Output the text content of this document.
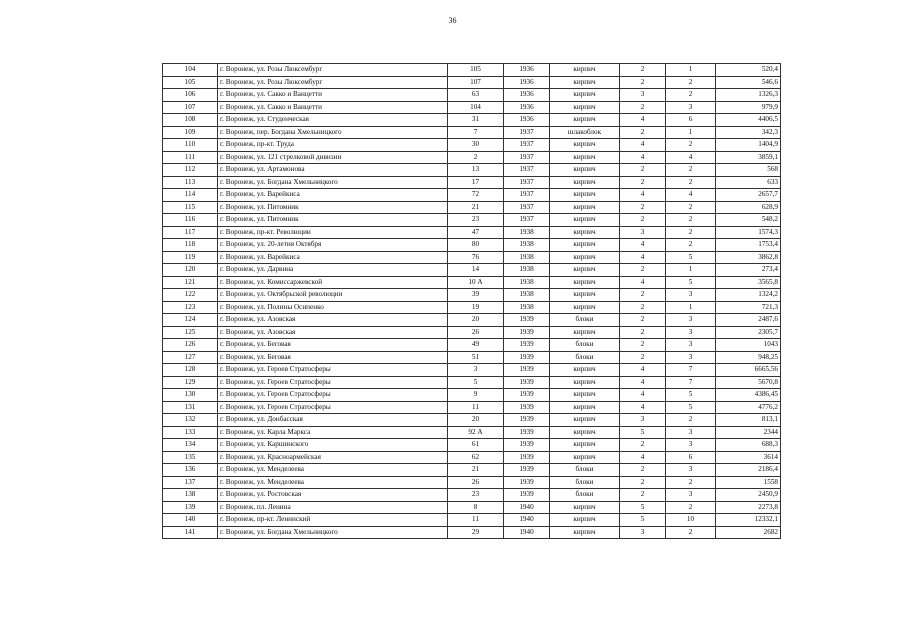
36
104	г. Воронеж, ул. Розы Люксембург	105	1936	кирпич	2	1	520,4
105	г. Воронеж, ул. Розы Люксембург	107	1936	кирпич	2	2	546,6
106	г. Воронеж, ул. Сакко и Ванцетти	63	1936	кирпич	3	2	1326,3
107	г. Воронеж, ул. Сакко и Ванцетти	104	1936	кирпич	2	3	979,9
108	г. Воронеж, ул. Студенческая	31	1936	кирпич	4	6	4406,5
109	г. Воронеж, пер. Богдана Хмельницкого	7	1937	шлакоблок	2	1	342,3
110	г. Воронеж, пр-кт. Труда	30	1937	кирпич	4	2	1404,9
111	г. Воронеж, ул. 121 стрелковой дивизии	2	1937	кирпич	4	4	3859,1
112	г. Воронеж, ул. Артамонова	13	1937	кирпич	2	2	568
113	г. Воронеж, ул. Богдана Хмельницкого	17	1937	кирпич	2	2	633
114	г. Воронеж, ул. Варейкиса	72	1937	кирпич	4	4	2657,7
115	г. Воронеж, ул. Питомник	21	1937	кирпич	2	2	628,9
116	г. Воронеж, ул. Питомник	23	1937	кирпич	2	2	548,2
117	г. Воронеж, пр-кт. Революции	47	1938	кирпич	3	2	1574,3
118	г. Воронеж, ул. 20-летия Октября	80	1938	кирпич	4	2	1753,4
119	г. Воронеж, ул. Варейкиса	76	1938	кирпич	4	5	3862,8
120	г. Воронеж, ул. Дарвина	14	1938	кирпич	2	1	273,4
121	г. Воронеж, ул. Комиссаржевской	10 А	1938	кирпич	4	5	3565,8
122	г. Воронеж, ул. Октябрьской революции	39	1938	кирпич	2	3	1324,2
123	г. Воронеж, ул. Полины Осипенко	19	1938	кирпич	2	1	721,3
124	г. Воронеж, ул. Азовская	20	1939	блоки	2	3	2487,6
125	г. Воронеж, ул. Азовская	26	1939	кирпич	2	3	2305,7
126	г. Воронеж, ул. Беговая	49	1939	блоки	2	3	1043
127	г. Воронеж, ул. Беговая	51	1939	блоки	2	3	948,25
128	г. Воронеж, ул. Героев Стратосферы	3	1939	кирпич	4	7	6665,56
129	г. Воронеж, ул. Героев Стратосферы	5	1939	кирпич	4	7	5670,8
130	г. Воронеж, ул. Героев Стратосферы	9	1939	кирпич	4	5	4386,45
131	г. Воронеж, ул. Героев Стратосферы	11	1939	кирпич	4	5	4776,2
132	г. Воронеж, ул. Донбасская	20	1939	кирпич	3	2	813,1
133	г. Воронеж, ул. Карла Маркса	92 А	1939	кирпич	5	3	2344
134	г. Воронеж, ул. Каршинского	61	1939	кирпич	2	3	688,3
135	г. Воронеж, ул. Красноармейская	62	1939	кирпич	4	6	3614
136	г. Воронеж, ул. Менделеева	21	1939	блоки	2	3	2186,4
137	г. Воронеж, ул. Менделеева	26	1939	блоки	2	2	1558
138	г. Воронеж, ул. Ростовская	23	1939	блоки	2	3	2450,9
139	г. Воронеж, пл. Ленина	8	1940	кирпич	5	2	2273,8
140	г. Воронеж, пр-кт. Ленинский	11	1940	кирпич	5	10	12332,1
141	г. Воронеж, ул. Богдана Хмельницкого	29	1940	кирпич	3	2	2682
